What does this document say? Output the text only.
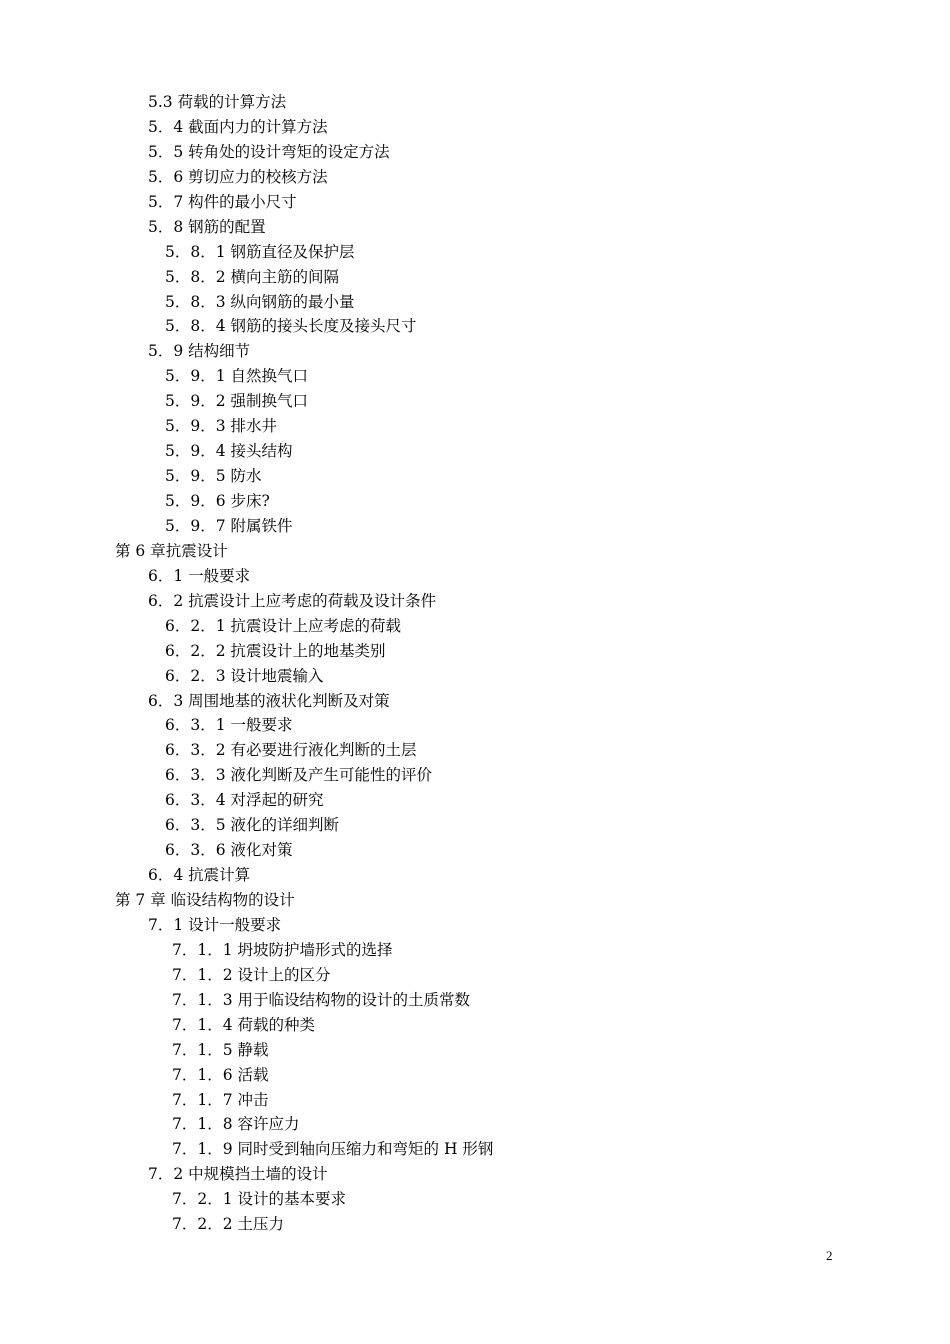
5.3 荷载的计算方法
5．4 截面内力的计算方法
5．5 转角处的设计弯矩的设定方法
5．6 剪切应力的校核方法
5．7 构件的最小尺寸
5．8 钢筋的配置
5．8．1 钢筋直径及保护层
5．8．2 横向主筋的间隔
5．8．3 纵向钢筋的最小量
5．8．4 钢筋的接头长度及接头尺寸
5．9 结构细节
5．9．1 自然换气口
5．9．2 强制换气口
5．9．3 排水井
5．9．4 接头结构
5．9．5 防水
5．9．6 步床?
5．9．7 附属铁件
第 6 章抗震设计
6．1 一般要求
6．2 抗震设计上应考虑的荷载及设计条件
6．2．1 抗震设计上应考虑的荷载
6．2．2 抗震设计上的地基类别
6．2．3 设计地震输入
6．3 周围地基的液状化判断及对策
6．3．1 一般要求
6．3．2 有必要进行液化判断的土层
6．3．3 液化判断及产生可能性的评价
6．3．4 对浮起的研究
6．3．5 液化的详细判断
6．3．6 液化对策
6．4 抗震计算
第 7 章 临设结构物的设计
7．1 设计一般要求
7．1．1 坍坡防护墙形式的选择
7．1．2 设计上的区分
7．1．3 用于临设结构物的设计的土质常数
7．1．4 荷载的种类
7．1．5 静载
7．1．6 活载
7．1．7 冲击
7．1．8 容许应力
7．1．9 同时受到轴向压缩力和弯矩的 H 形钢
7．2 中规模挡土墙的设计
7．2．1 设计的基本要求
7．2．2 土压力
2
